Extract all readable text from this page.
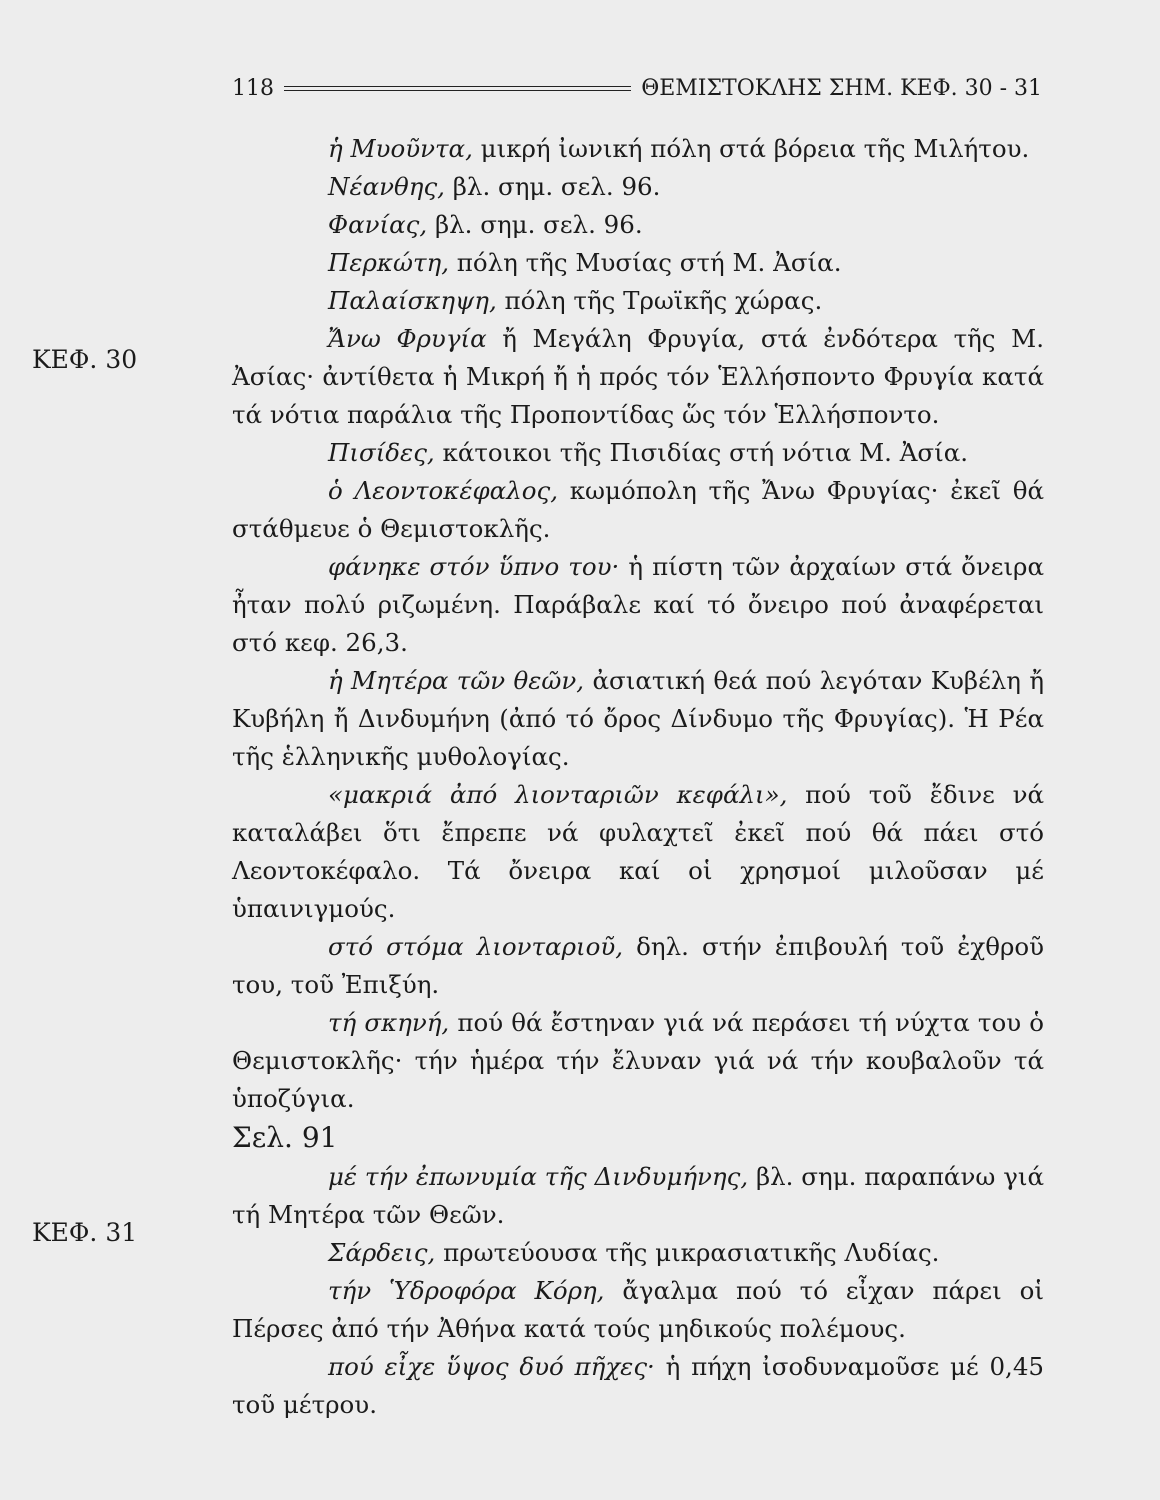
118	ΘΕΜΙΣΤΟΚΛΗΣ ΣΗΜ. ΚΕΦ. 30 - 31
ΚΕΦ. 30
ΚΕΦ. 31

ἡ Μυοῦντα, μικρή ἰωνική πόλη στά βόρεια τῆς Μιλήτου.

Νέανθης, βλ. σημ. σελ. 96.

Φανίας, βλ. σημ. σελ. 96.

Περκώτη, πόλη τῆς Μυσίας στή Μ. Ἀσία.

Παλαίσκηψη, πόλη τῆς Τρωϊκῆς χώρας.

Ἄνω Φρυγία ἤ Μεγάλη Φρυγία, στά ἐνδότερα τῆς Μ. Ἀσίας· ἀντίθετα ἡ Μικρή ἤ ἡ πρός τόν Ἑλλήσποντο Φρυγία κατά τά νότια παράλια τῆς Προποντίδας ὥς τόν Ἑλλήσποντο.

Πισίδες, κάτοικοι τῆς Πισιδίας στή νότια Μ. Ἀσία.

ὁ Λεοντοκέφαλος, κωμόπολη τῆς Ἄνω Φρυγίας· ἐκεῖ θά στάθμευε ὁ Θεμιστοκλῆς.

φάνηκε στόν ὕπνο του· ἡ πίστη τῶν ἀρχαίων στά ὄνειρα ἦταν πολύ ριζωμένη. Παράβαλε καί τό ὄνειρο πού ἀναφέρεται στό κεφ. 26,3.

ἡ Μητέρα τῶν θεῶν, ἀσιατική θεά πού λεγόταν Κυβέλη ἤ Κυβήλη ἤ Δινδυμήνη (ἀπό τό ὄρος Δίνδυμο τῆς Φρυγίας). Ἡ Ρέα τῆς ἑλληνικῆς μυθολογίας.

«μακριά ἀπό λιονταριῶν κεφάλι», πού τοῦ ἔδινε νά καταλάβει ὅτι ἔπρεπε νά φυλαχτεῖ ἐκεῖ πού θά πάει στό Λεοντοκέφαλο. Τά ὄνειρα καί οἱ χρησμοί μιλοῦσαν μέ ὑπαινιγμούς.

στό στόμα λιονταριοῦ, δηλ. στήν ἐπιβουλή τοῦ ἐχθροῦ του, τοῦ Ἐπιξύη.

τή σκηνή, πού θά ἔστηναν γιά νά περάσει τή νύχτα του ὁ Θεμιστοκλῆς· τήν ἡμέρα τήν ἔλυναν γιά νά τήν κουβαλοῦν τά ὑποζύγια.

Σελ. 91

μέ τήν ἐπωνυμία τῆς Δινδυμήνης, βλ. σημ. παραπάνω γιά τή Μητέρα τῶν Θεῶν.

Σάρδεις, πρωτεύουσα τῆς μικρασιατικῆς Λυδίας.

τήν Ὑδροφόρα Κόρη, ἄγαλμα πού τό εἶχαν πάρει οἱ Πέρσες ἀπό τήν Ἀθήνα κατά τούς μηδικούς πολέμους.

πού εἶχε ὕψος δυό πῆχες· ἡ πήχη ἰσοδυναμοῦσε μέ 0,45 τοῦ μέτρου.
